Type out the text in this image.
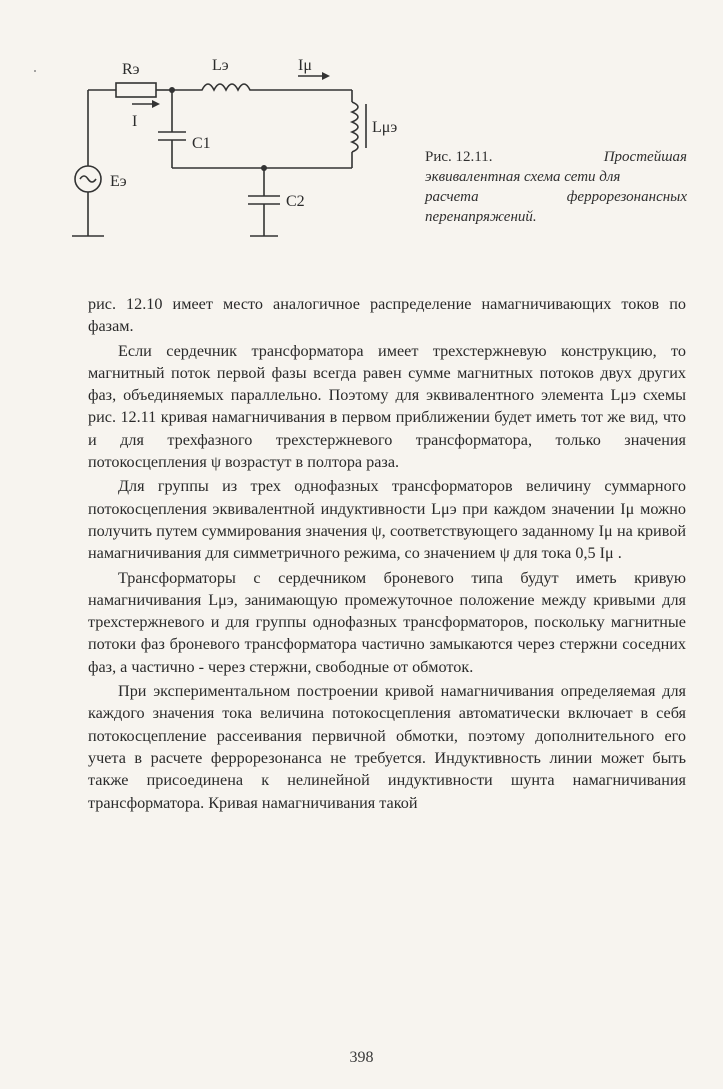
Rэ	Lэ	Iμ
I
C1
Lμэ
Eэ
C2
Рис. 12.11.	Простейшая
эквивалентная схема сети для
расчета	феррорезонансных
перенапряжений.

рис. 12.10 имеет место аналогичное распределение намагничивающих токов по фазам.

Если сердечник трансформатора имеет трехстержневую конструкцию, то магнитный поток первой фазы всегда равен сумме магнитных потоков двух других фаз, объединяемых параллельно. Поэтому для эквивалентного элемента Lμэ схемы рис. 12.11 кривая намагничивания в первом приближении будет иметь тот же вид, что и для трехфазного трехстержневого трансформатора, только значения потокосцепления ψ возрастут в полтора раза.

Для группы из трех однофазных трансформаторов величину суммарного потокосцепления эквивалентной индуктивности Lμэ при каждом значении Iμ можно получить путем суммирования значения ψ, соответствующего заданному Iμ на кривой намагничивания для симметричного режима, со значением ψ для тока 0,5 Iμ .

Трансформаторы с сердечником броневого типа будут иметь кривую намагничивания Lμэ, занимающую промежуточное положение между кривыми для трехстержневого и для группы однофазных трансформаторов, поскольку магнитные потоки фаз броневого трансформатора частично замыкаются через стержни соседних фаз, а частично - через стержни, свободные от обмоток.

При экспериментальном построении кривой намагничивания определяемая для каждого значения тока величина потокосцепления автоматически включает в себя потокосцепление рассеивания первичной обмотки, поэтому дополнительного его учета в расчете феррорезонанса не требуется. Индуктивность линии может быть также присоединена к нелинейной индуктивности шунта намагничивания трансформатора. Кривая намагничивания такой

398
